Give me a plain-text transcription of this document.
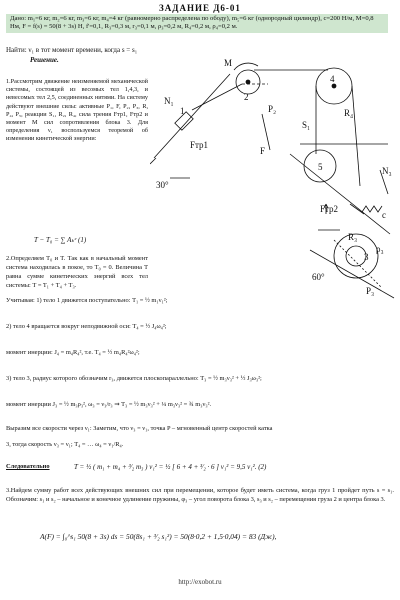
ЗАДАНИЕ Д6-01
Дано: m₁=6 кг, m₂=6 кг, m₃=6 кг, m₄=4 кг (равномерно распределена по ободу), m₅=6 кг (однородный цилиндр), с=200 Н/м, M=0,8 Нм, F = f(s) = 50(8 + 3s) Н, f'=0,1, R₃=0,3 м, r₃=0,1 м, ρ₃=0,2 м, R₄=0,2 м, ρ₄=0,2 м.
Найти: ν₁ в тот момент времени, когда s = s₁
Решение.
1.Рассмотрим движение неизменяемой механической системы, состоящей из весомых тел 1,4,3, и невесомых тел 2,5, соединенных нитями. На систему действуют внешние силы: активные P₁, F, P₂, P₃, R, P₄, P₅, реакции S₁, R₂, R₄, сила трения Fтр1, Fтр2 и момент M сил сопротивления блока 3. Для определения ν₁ воспользуемся теоремой об изменении кинетической энергии:
T − T₀ = ∑ Aₖᵉ (1)
2.Определяем T₀ и T. Так как в начальный момент система находилась в покое, то T₀ = 0. Величина T равна сумме кинетических энергий всех тел системы: T = T₁ + T₄ + T₃.
1
2
3
4
5
M
F
c
R₄
R₃
ρ₃
30°
60°
Fтр1
Fтр2
P₂
P₃
N₁
N₃
S₁
Учитывая: 1) тело 1 движется поступательно: T₁ = ½ m₁ν₁²;
2) тело 4 вращается вокруг неподвижной оси: T₄ = ½ J₄ω₄²;
момент инерции: J₄ = m₄R₄², т.е. T₄ = ½ m₄R₄²ω₄²;
3) тело 3, радиус которого обозначим r₃, движется плоскопараллельно: T₃ = ½ m₃ν₃² + ½ J₃ω₃²;
момент инерции J₃ = ½ m₃ρ₃², ω₃ = ν₃/r₃ ⇒ T₃ = ½ m₃ν₃² + ¼ m₃ν₃² = ¾ m₃ν₃².
Выразим все скорости через ν₁: Заметим, что ν₃ = ν₁, точка P – мгновенный центр скоростей катка
3, тогда скорость ν₃ = ν₁; T₄ = … ω₄ = ν₁/R₄.
Следовательно	T = ½ ( m₁ + m₄ + ³⁄₂ m₃ ) ν₁² = ½ [ 6 + 4 + ³⁄₂ · 6 ] ν₁² = 9,5 ν₁². (2)
3.Найдем сумму работ всех действующих внешних сил при перемещении, которое будет иметь система, когда груз 1 пройдет путь s = s₁. Обозначим: s₁ и s₂ – начальное и конечное удлинение пружины, φ₃ – угол поворота блока 3, s₃ и s₂ – перемещения груза 2 и центра блока 3.
A(F) = ∫₀^s₁ 50(8 + 3s) ds = 50(8s₁ + ³⁄₂ s₁²) = 50(8·0,2 + 1,5·0,04) = 83 (Дж),
http://exobot.ru
